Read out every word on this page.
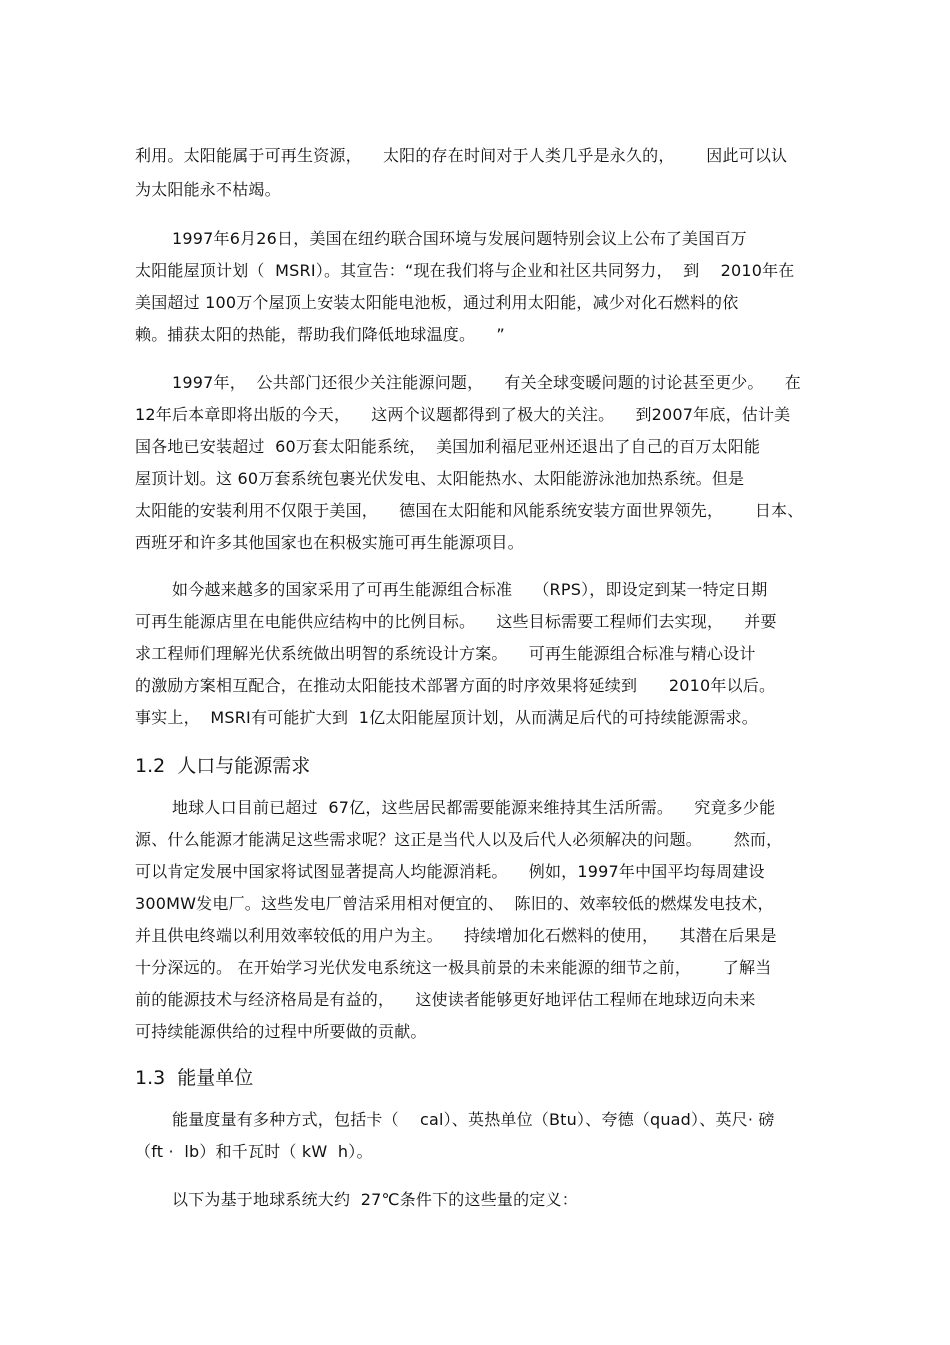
利用。太阳能属于可再生资源，    太阳的存在时间对于人类几乎是永久的，      因此可以认
为太阳能永不枯竭。
1997年6月26日，美国在纽约联合国环境与发展问题特别会议上公布了美国百万
太阳能屋顶计划（  MSRI）。其宣告：“现在我们将与企业和社区共同努力，  到    2010年在
美国超过 100万个屋顶上安装太阳能电池板，通过利用太阳能，减少对化石燃料的依
赖。捕获太阳的热能，帮助我们降低地球温度。    ”
1997年，  公共部门还很少关注能源问题，    有关全球变暖问题的讨论甚至更少。    在
12年后本章即将出版的今天，    这两个议题都得到了极大的关注。    到2007年底，估计美
国各地已安装超过  60万套太阳能系统，  美国加利福尼亚州还退出了自己的百万太阳能
屋顶计划。这 60万套系统包裹光伏发电、太阳能热水、太阳能游泳池加热系统。但是
太阳能的安装利用不仅限于美国，    德国在太阳能和风能系统安装方面世界领先，      日本、
西班牙和许多其他国家也在积极实施可再生能源项目。
如今越来越多的国家采用了可再生能源组合标准    （RPS），即设定到某一特定日期
可再生能源店里在电能供应结构中的比例目标。    这些目标需要工程师们去实现，    并要
求工程师们理解光伏系统做出明智的系统设计方案。    可再生能源组合标准与精心设计
的激励方案相互配合，在推动太阳能技术部署方面的时序效果将延续到      2010年以后。
事实上，  MSRI有可能扩大到  1亿太阳能屋顶计划，从而满足后代的可持续能源需求。
1.2  人口与能源需求
地球人口目前已超过  67亿，这些居民都需要能源来维持其生活所需。    究竟多少能
源、什么能源才能满足这些需求呢？这正是当代人以及后代人必须解决的问题。      然而，
可以肯定发展中国家将试图显著提高人均能源消耗。    例如，1997年中国平均每周建设
300MW发电厂。这些发电厂曾洁采用相对便宜的、  陈旧的、效率较低的燃煤发电技术，
并且供电终端以利用效率较低的用户为主。    持续增加化石燃料的使用，    其潜在后果是
十分深远的。 在开始学习光伏发电系统这一极具前景的未来能源的细节之前，      了解当
前的能源技术与经济格局是有益的，    这使读者能够更好地评估工程师在地球迈向未来
可持续能源供给的过程中所要做的贡献。
1.3  能量单位
能量度量有多种方式，包括卡（    cal）、英热单位（Btu）、夸德（quad）、英尺· 磅
（ft ·  lb）和千瓦时（ kW  h）。
以下为基于地球系统大约  27℃条件下的这些量的定义：
